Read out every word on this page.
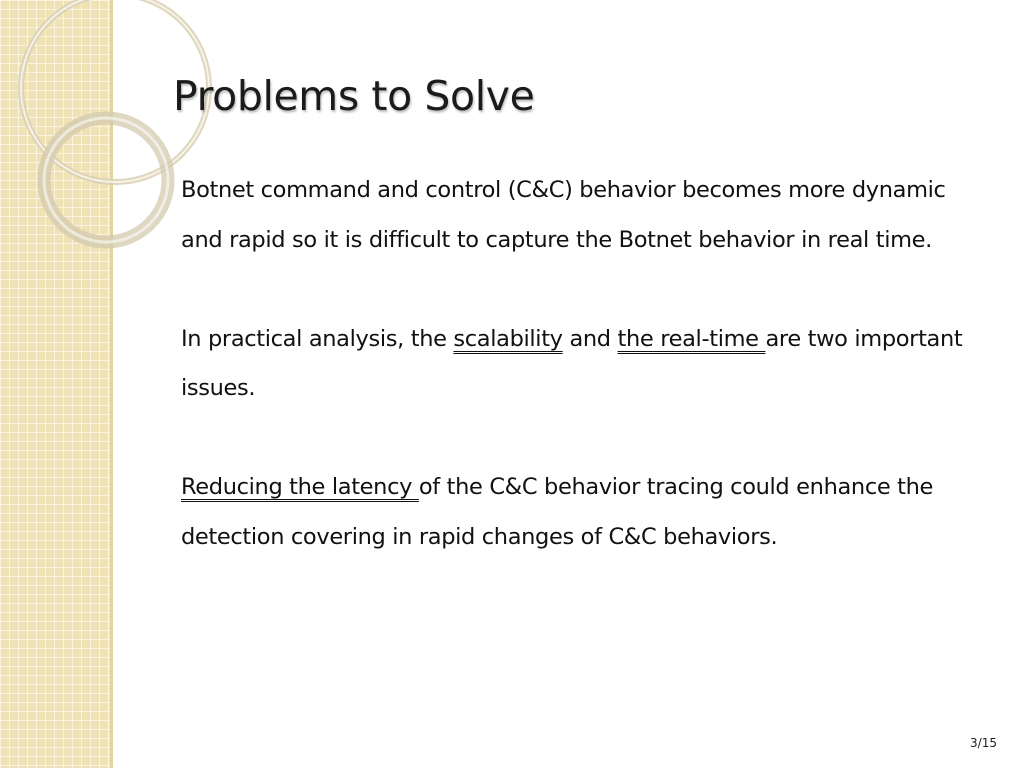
Problems to Solve

Botnet command and control (C&C) behavior becomes more dynamic and rapid so it is difficult to capture the Botnet behavior in real time.

In practical analysis, the scalability and the real-time are two important issues.

Reducing the latency of the C&C behavior tracing could enhance the detection covering in rapid changes of C&C behaviors.

3/15
